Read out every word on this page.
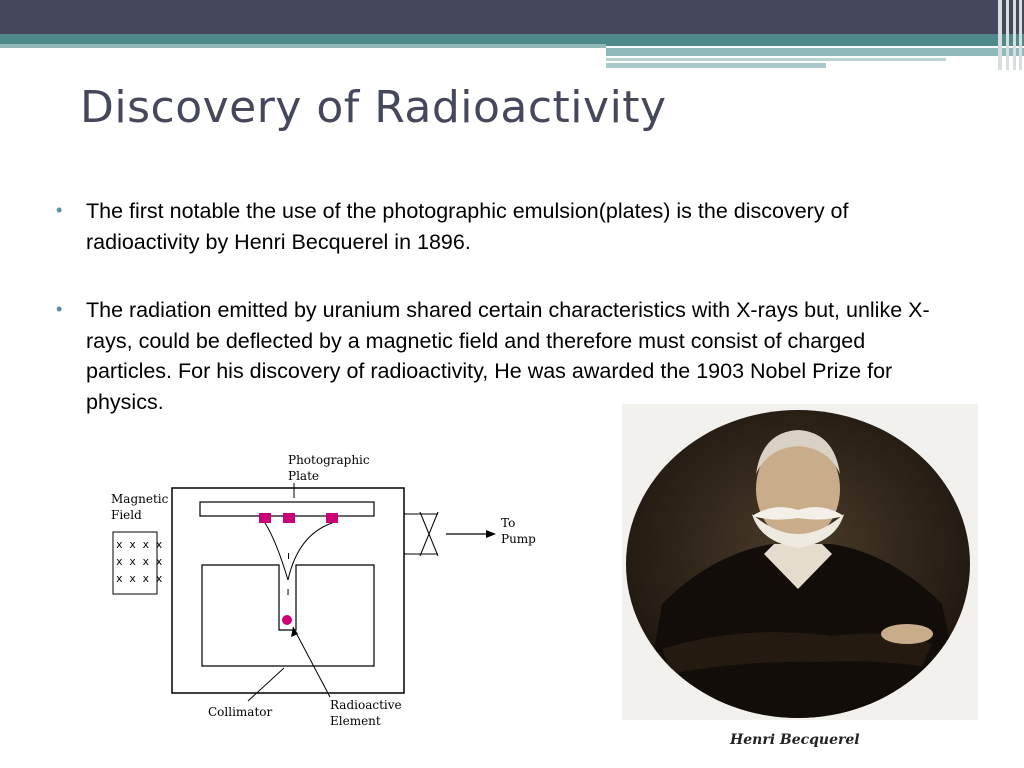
Discovery of Radioactivity
• The first notable the use of the photographic emulsion(plates) is the discovery of radioactivity by Henri Becquerel in 1896.
• The radiation emitted by uranium shared certain characteristics with X-rays but, unlike X-rays, could be deflected by a magnetic field and therefore must consist of charged particles. For his discovery of radioactivity, He was awarded the 1903 Nobel Prize for physics.
Photographic
Plate
Magnetic
Field
To
Pump
Collimator	Radioactive
Element
x x x x
x x x x
x x x x
Henri Becquerel
